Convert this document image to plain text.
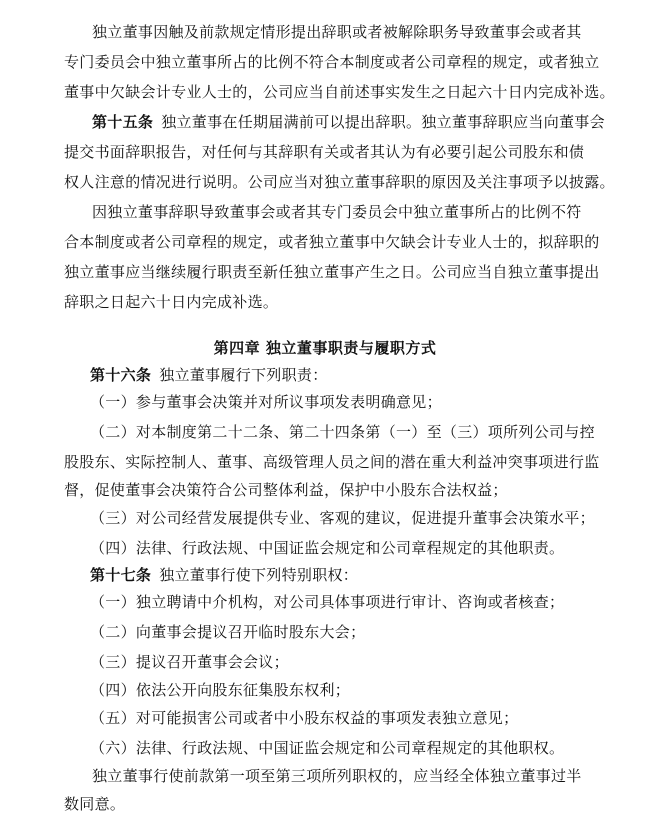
独立董事因触及前款规定情形提出辞职或者被解除职务导致董事会或者其
专门委员会中独立董事所占的比例不符合本制度或者公司章程的规定，或者独立
董事中欠缺会计专业人士的，公司应当自前述事实发生之日起六十日内完成补选。
第十五条 独立董事在任期届满前可以提出辞职。独立董事辞职应当向董事会
提交书面辞职报告，对任何与其辞职有关或者其认为有必要引起公司股东和债
权人注意的情况进行说明。公司应当对独立董事辞职的原因及关注事项予以披露。
因独立董事辞职导致董事会或者其专门委员会中独立董事所占的比例不符
合本制度或者公司章程的规定，或者独立董事中欠缺会计专业人士的，拟辞职的
独立董事应当继续履行职责至新任独立董事产生之日。公司应当自独立董事提出
辞职之日起六十日内完成补选。
第四章 独立董事职责与履职方式
第十六条 独立董事履行下列职责：
（一）参与董事会决策并对所议事项发表明确意见；
（二）对本制度第二十二条、第二十四条第（一）至（三）项所列公司与控
股股东、实际控制人、董事、高级管理人员之间的潜在重大利益冲突事项进行监
督，促使董事会决策符合公司整体利益，保护中小股东合法权益；
（三）对公司经营发展提供专业、客观的建议，促进提升董事会决策水平；
（四）法律、行政法规、中国证监会规定和公司章程规定的其他职责。
第十七条 独立董事行使下列特别职权：
（一）独立聘请中介机构，对公司具体事项进行审计、咨询或者核查；
（二）向董事会提议召开临时股东大会；
（三）提议召开董事会会议；
（四）依法公开向股东征集股东权利；
（五）对可能损害公司或者中小股东权益的事项发表独立意见；
（六）法律、行政法规、中国证监会规定和公司章程规定的其他职权。
独立董事行使前款第一项至第三项所列职权的，应当经全体独立董事过半
数同意。
